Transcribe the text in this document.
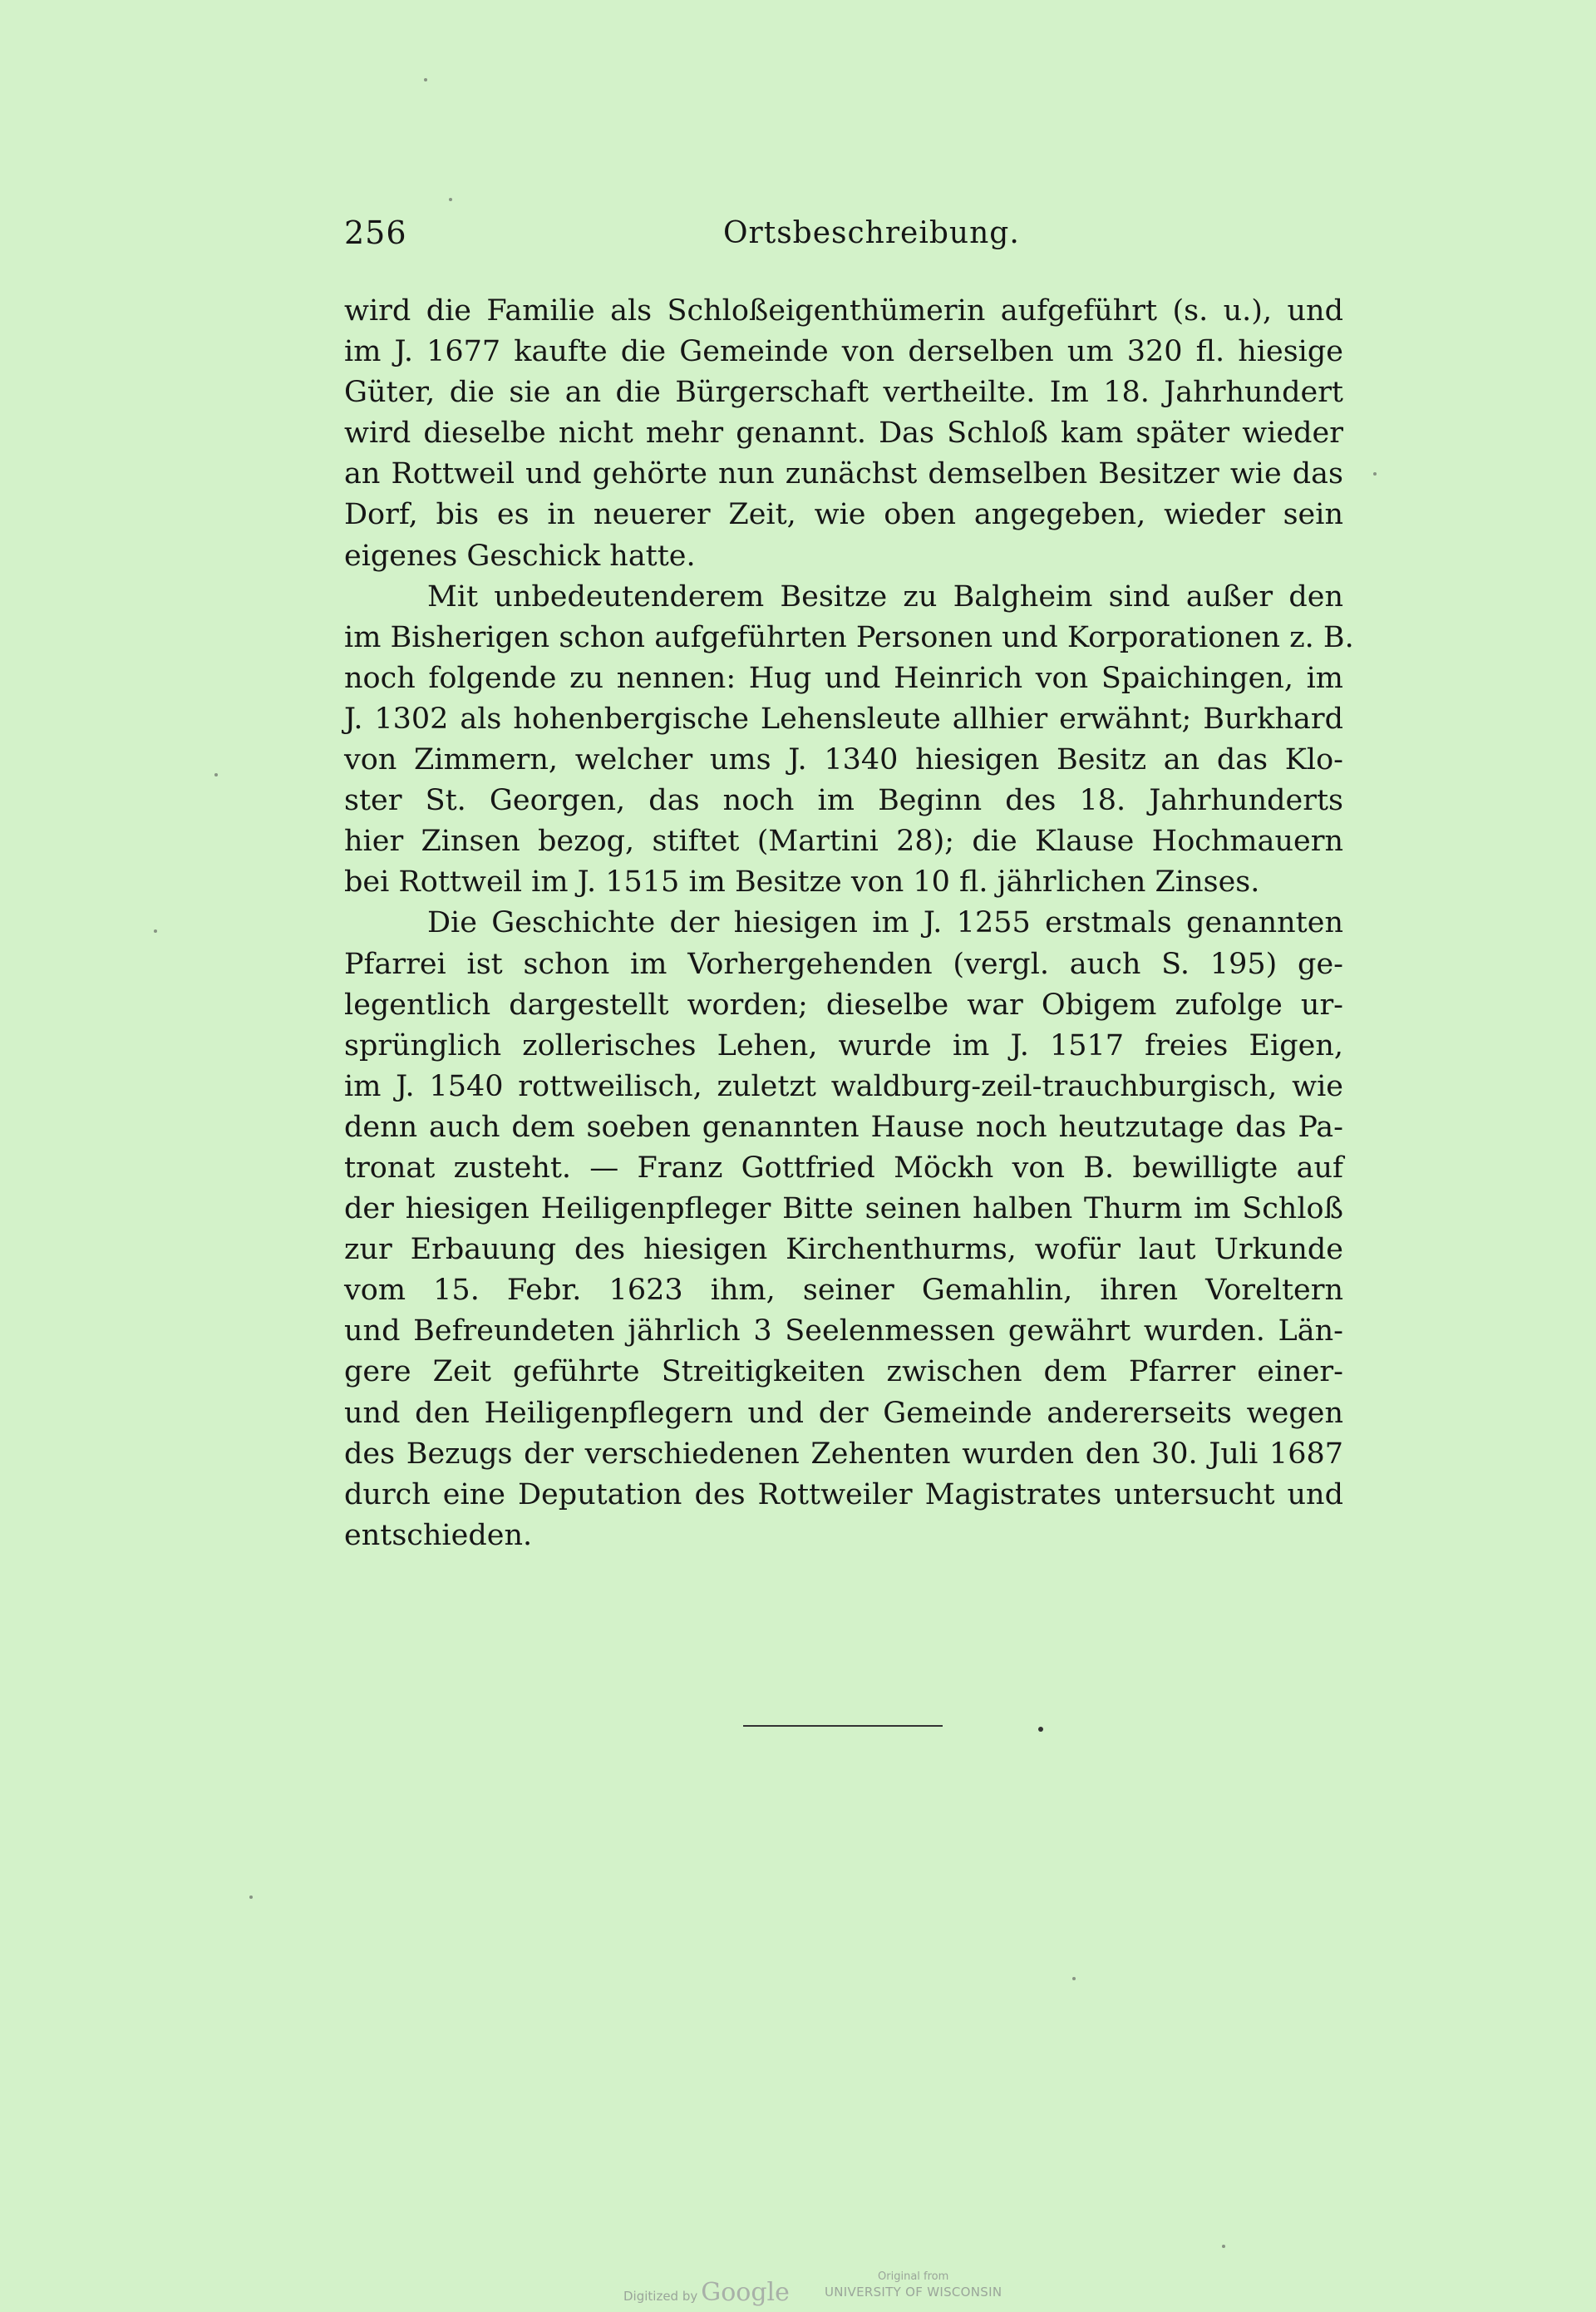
256	Ortsbeschreibung.
wird die Familie als Schloßeigenthümerin aufgeführt (s. u.), und
im J. 1677 kaufte die Gemeinde von derselben um 320 fl. hiesige
Güter, die sie an die Bürgerschaft vertheilte. Im 18. Jahrhundert
wird dieselbe nicht mehr genannt. Das Schloß kam später wieder
an Rottweil und gehörte nun zunächst demselben Besitzer wie das
Dorf, bis es in neuerer Zeit, wie oben angegeben, wieder sein
eigenes Geschick hatte.
Mit unbedeutenderem Besitze zu Balgheim sind außer den
im Bisherigen schon aufgeführten Personen und Korporationen z. B.
noch folgende zu nennen: Hug und Heinrich von Spaichingen, im
J. 1302 als hohenbergische Lehensleute allhier erwähnt; Burkhard
von Zimmern, welcher ums J. 1340 hiesigen Besitz an das Klo-
ster St. Georgen, das noch im Beginn des 18. Jahrhunderts
hier Zinsen bezog, stiftet (Martini 28); die Klause Hochmauern
bei Rottweil im J. 1515 im Besitze von 10 fl. jährlichen Zinses.
Die Geschichte der hiesigen im J. 1255 erstmals genannten
Pfarrei ist schon im Vorhergehenden (vergl. auch S. 195) ge-
legentlich dargestellt worden; dieselbe war Obigem zufolge ur-
sprünglich zollerisches Lehen, wurde im J. 1517 freies Eigen,
im J. 1540 rottweilisch, zuletzt waldburg-zeil-trauchburgisch, wie
denn auch dem soeben genannten Hause noch heutzutage das Pa-
tronat zusteht. — Franz Gottfried Möckh von B. bewilligte auf
der hiesigen Heiligenpfleger Bitte seinen halben Thurm im Schloß
zur Erbauung des hiesigen Kirchenthurms, wofür laut Urkunde
vom 15. Febr. 1623 ihm, seiner Gemahlin, ihren Voreltern
und Befreundeten jährlich 3 Seelenmessen gewährt wurden. Län-
gere Zeit geführte Streitigkeiten zwischen dem Pfarrer einer-
und den Heiligenpflegern und der Gemeinde andererseits wegen
des Bezugs der verschiedenen Zehenten wurden den 30. Juli 1687
durch eine Deputation des Rottweiler Magistrates untersucht und
entschieden.
Digitized by Google
Original from
UNIVERSITY OF WISCONSIN
